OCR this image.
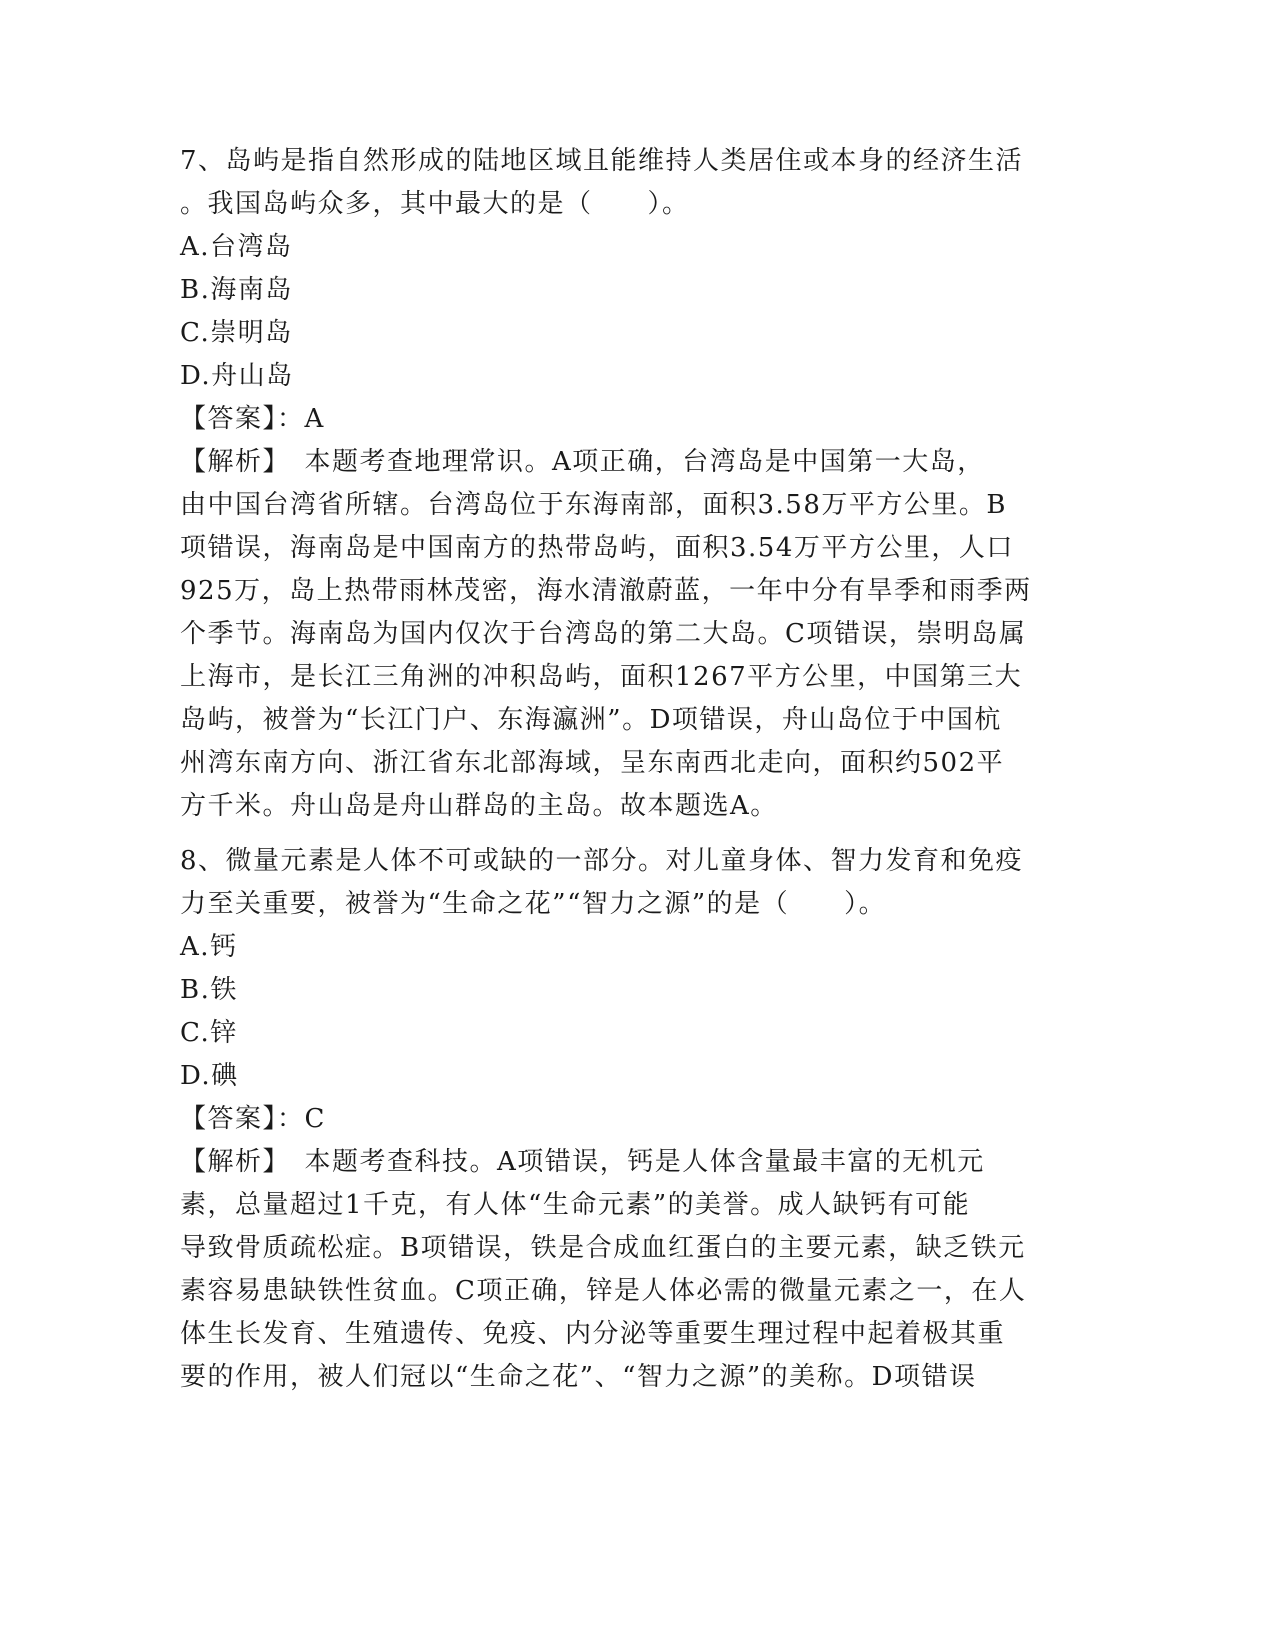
7、岛屿是指自然形成的陆地区域且能维持人类居住或本身的经济生活
。我国岛屿众多，其中最大的是（　　）。
A.台湾岛
B.海南岛
C.崇明岛
D.舟山岛
【答案】：A
【解析】　本题考查地理常识。A项正确，台湾岛是中国第一大岛，
由中国台湾省所辖。台湾岛位于东海南部，面积3.58万平方公里。B
项错误，海南岛是中国南方的热带岛屿，面积3.54万平方公里，人口
925万，岛上热带雨林茂密，海水清澈蔚蓝，一年中分有旱季和雨季两
个季节。海南岛为国内仅次于台湾岛的第二大岛。C项错误，崇明岛属
上海市，是长江三角洲的冲积岛屿，面积1267平方公里，中国第三大
岛屿，被誉为“长江门户、东海瀛洲”。D项错误，舟山岛位于中国杭
州湾东南方向、浙江省东北部海域，呈东南西北走向，面积约502平
方千米。舟山岛是舟山群岛的主岛。故本题选A。
8、微量元素是人体不可或缺的一部分。对儿童身体、智力发育和免疫
力至关重要，被誉为“生命之花”“智力之源”的是（　　）。
A.钙
B.铁
C.锌
D.碘
【答案】：C
【解析】　本题考查科技。A项错误，钙是人体含量最丰富的无机元
素，总量超过1千克，有人体“生命元素”的美誉。成人缺钙有可能
导致骨质疏松症。B项错误，铁是合成血红蛋白的主要元素，缺乏铁元
素容易患缺铁性贫血。C项正确，锌是人体必需的微量元素之一，在人
体生长发育、生殖遗传、免疫、内分泌等重要生理过程中起着极其重
要的作用，被人们冠以“生命之花”、“智力之源”的美称。D项错误
